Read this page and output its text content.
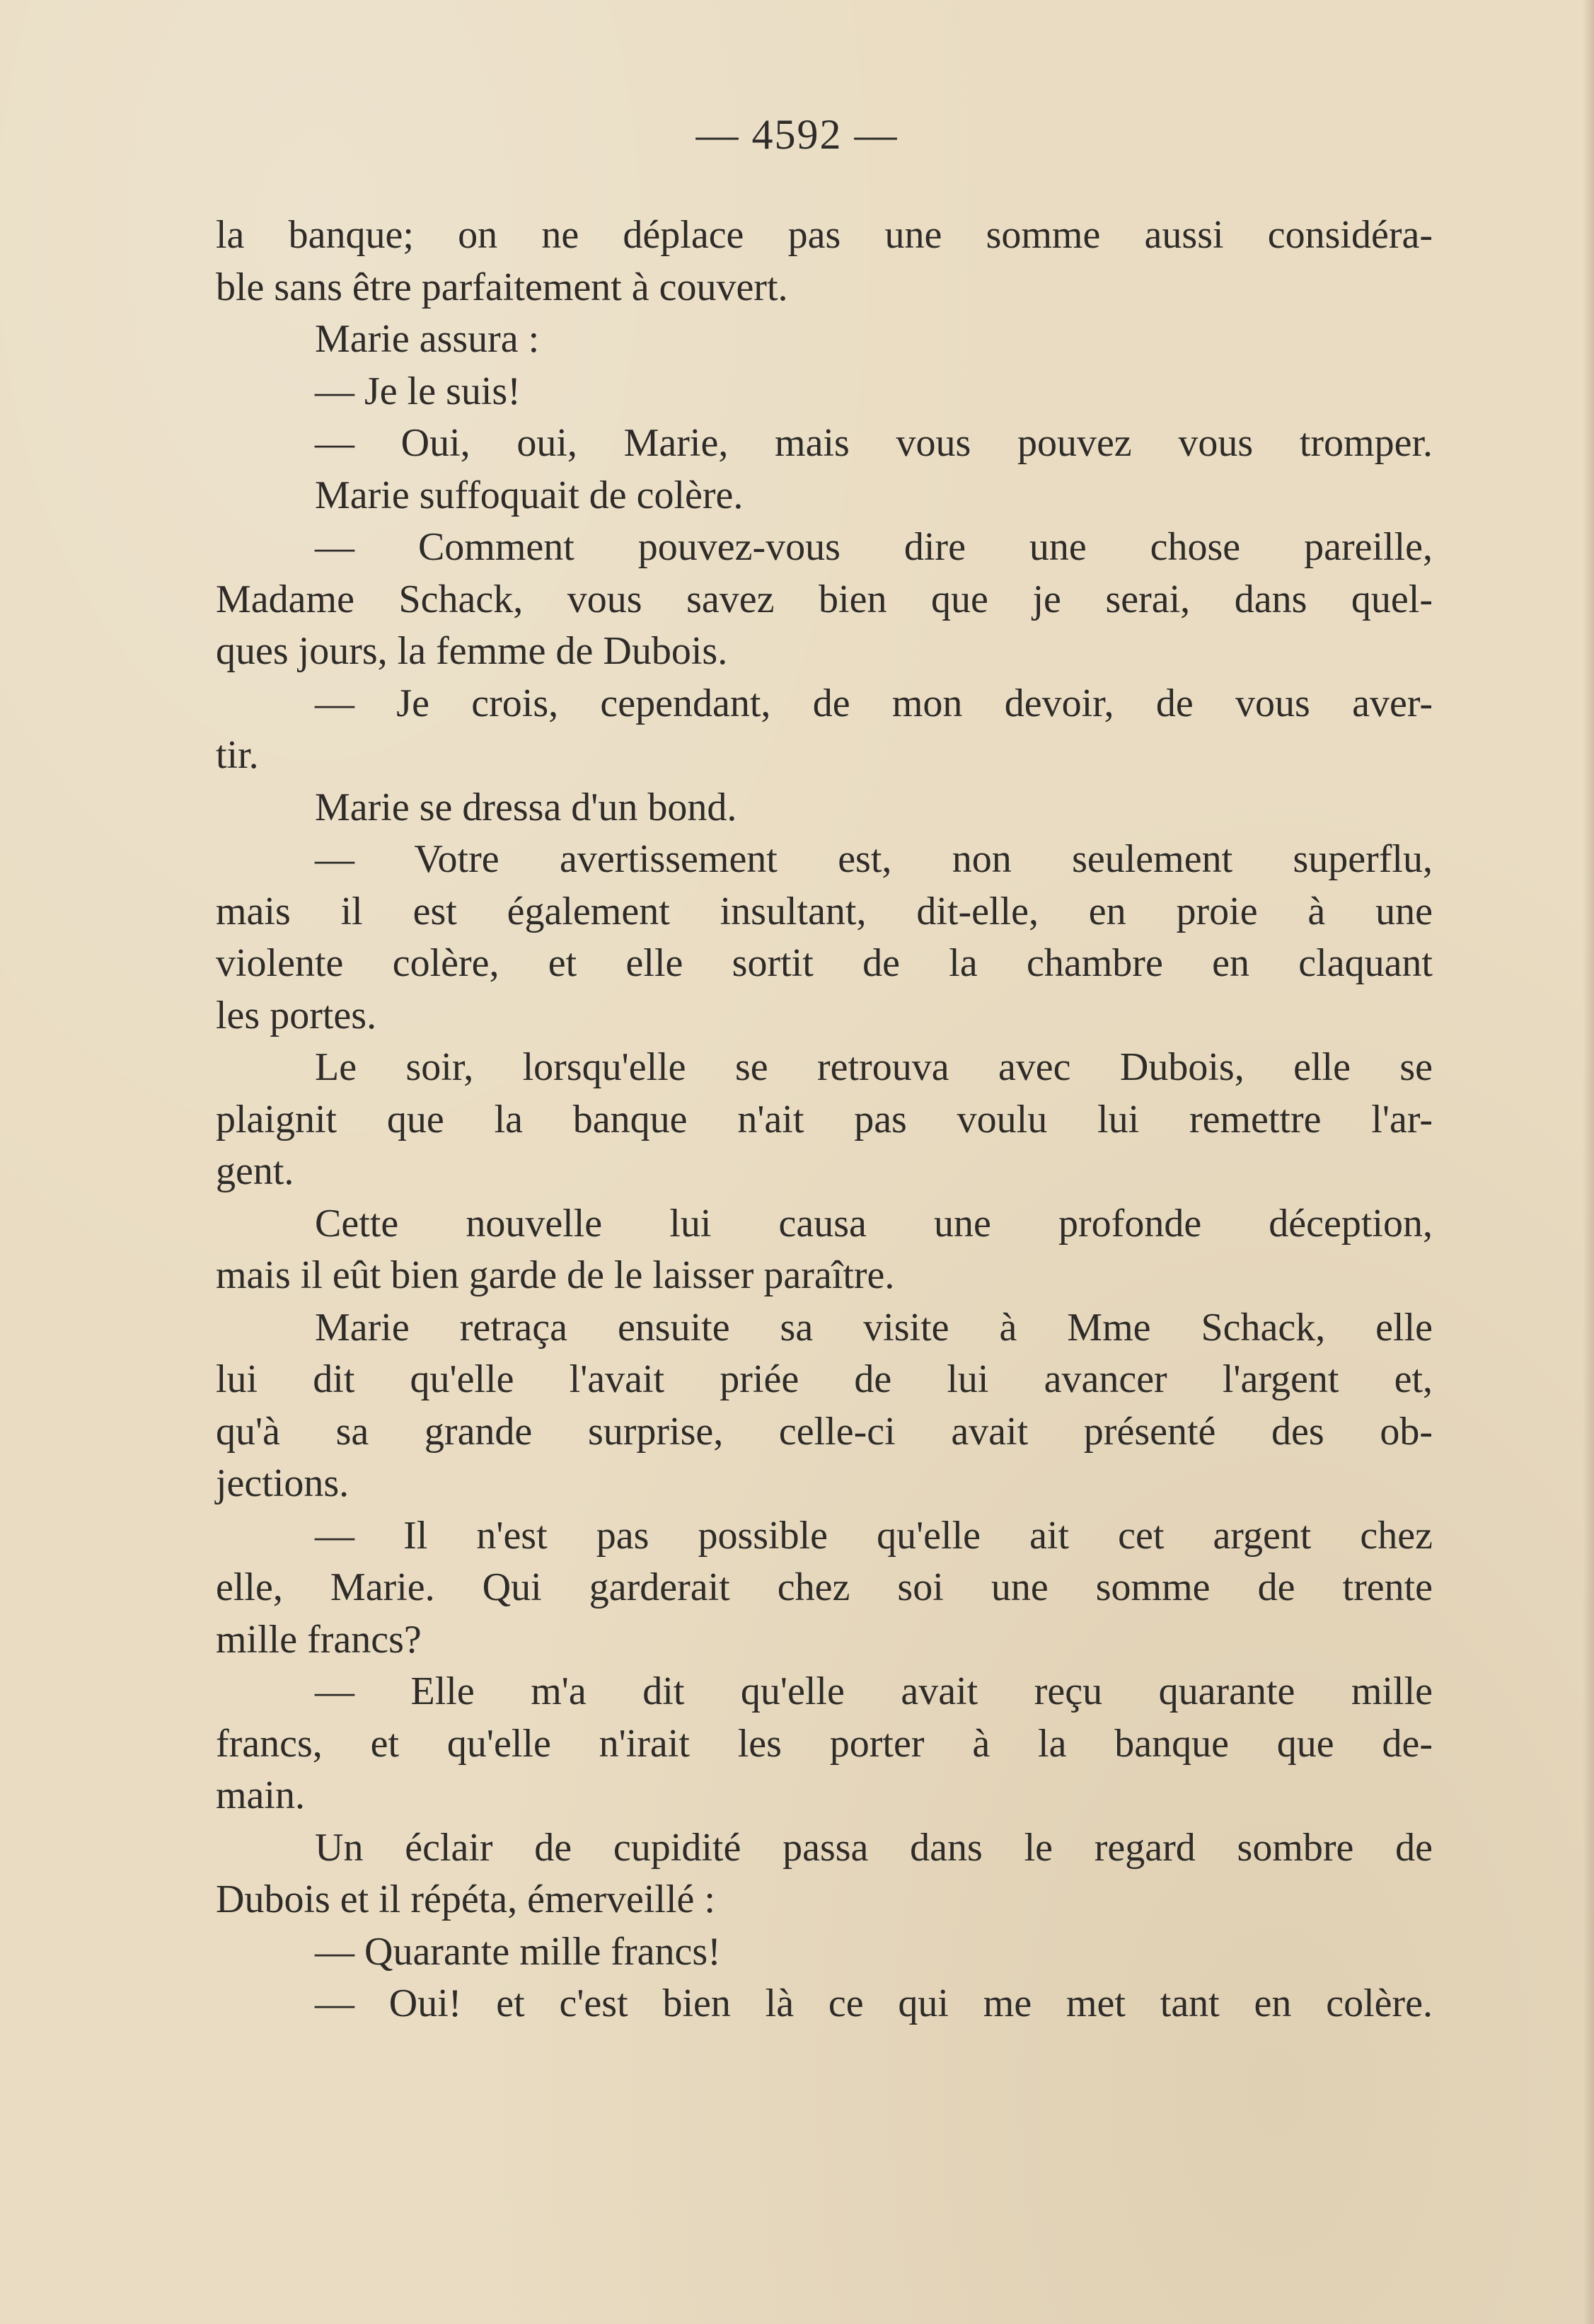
— 4592 —
la banque; on ne déplace pas une somme aussi considéra-
ble sans être parfaitement à couvert.
Marie assura :
— Je le suis!
— Oui, oui, Marie, mais vous pouvez vous tromper.
Marie suffoquait de colère.
— Comment pouvez-vous dire une chose pareille,
Madame Schack, vous savez bien que je serai, dans quel-
ques jours, la femme de Dubois.
— Je crois, cependant, de mon devoir, de vous aver-
tir.
Marie se dressa d'un bond.
— Votre avertissement est, non seulement superflu,
mais il est également insultant, dit-elle, en proie à une
violente colère, et elle sortit de la chambre en claquant
les portes.
Le soir, lorsqu'elle se retrouva avec Dubois, elle se
plaignit que la banque n'ait pas voulu lui remettre l'ar-
gent.
Cette nouvelle lui causa une profonde déception,
mais il eût bien garde de le laisser paraître.
Marie retraça ensuite sa visite à Mme Schack, elle
lui dit qu'elle l'avait priée de lui avancer l'argent et,
qu'à sa grande surprise, celle-ci avait présenté des ob-
jections.
— Il n'est pas possible qu'elle ait cet argent chez
elle, Marie. Qui garderait chez soi une somme de trente
mille francs?
— Elle m'a dit qu'elle avait reçu quarante mille
francs, et qu'elle n'irait les porter à la banque que de-
main.
Un éclair de cupidité passa dans le regard sombre de
Dubois et il répéta, émerveillé :
— Quarante mille francs!
— Oui! et c'est bien là ce qui me met tant en colère.
